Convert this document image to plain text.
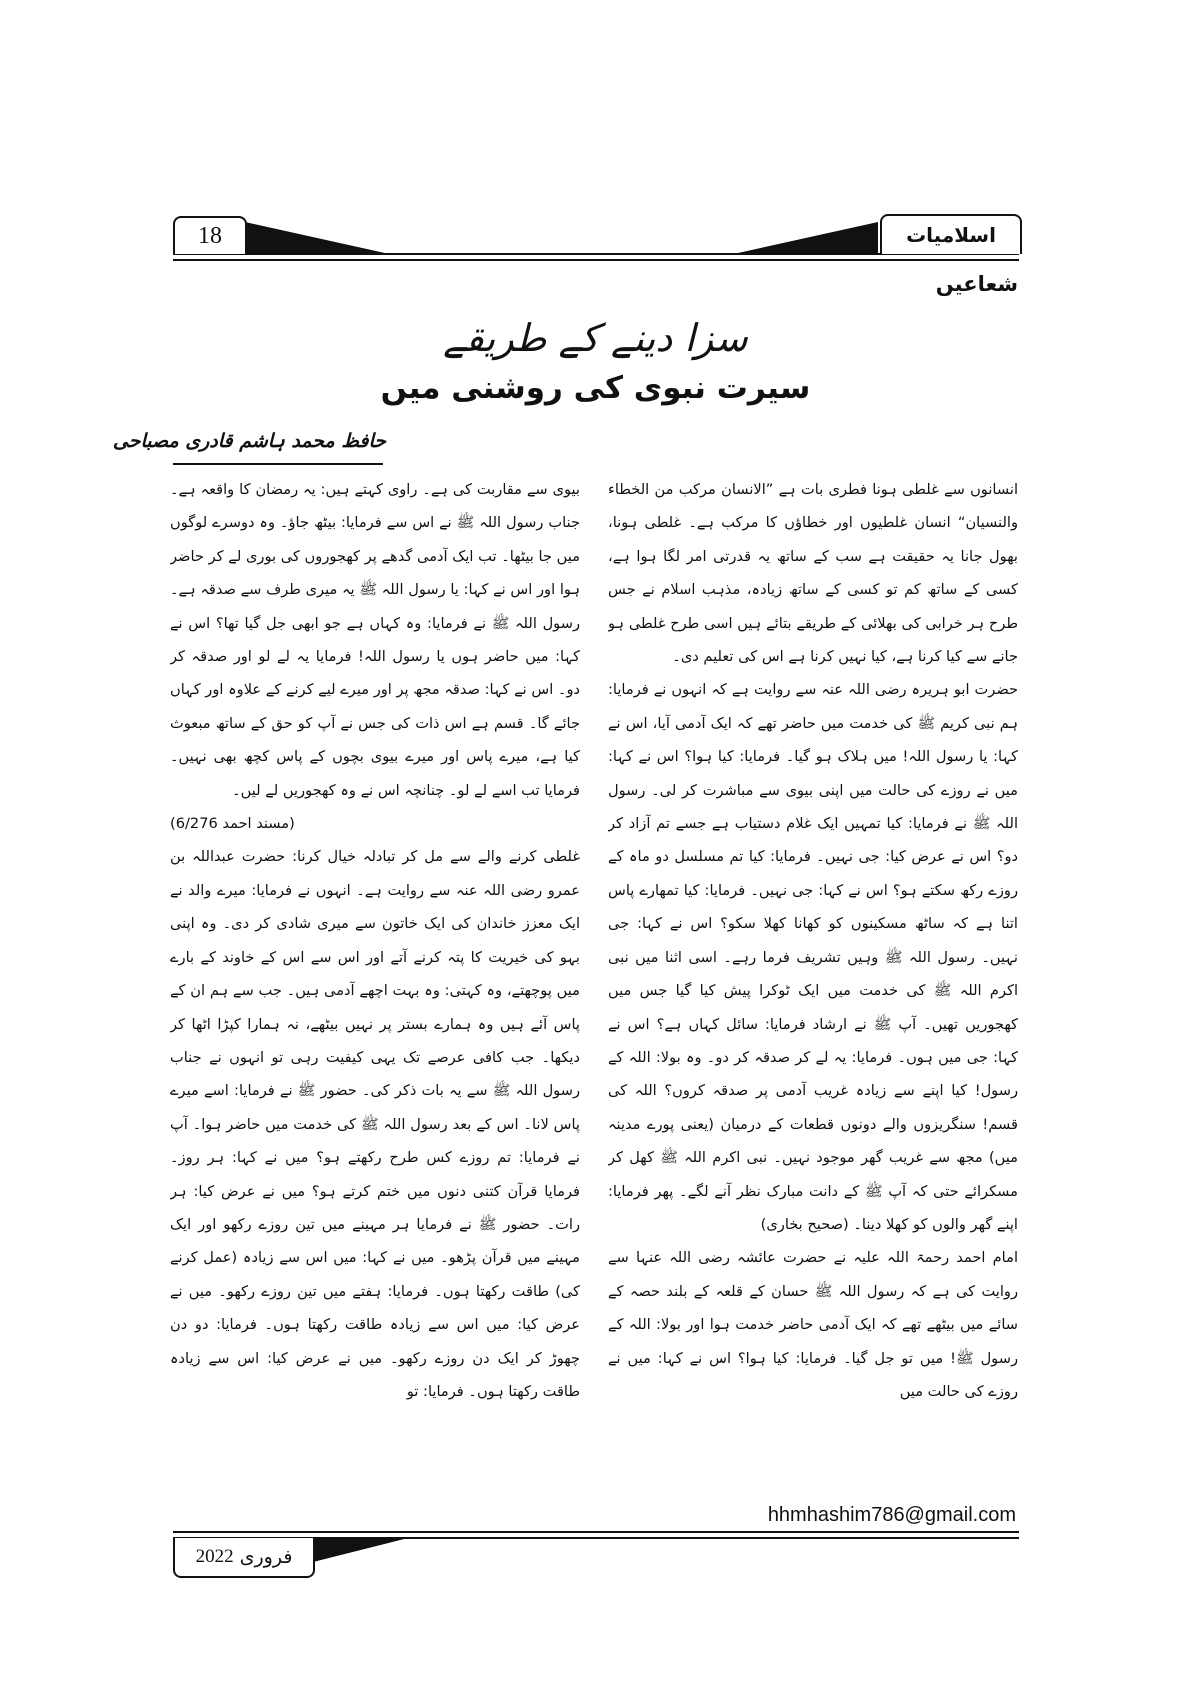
18	اسلامیات
شعاعیں
سزا دینے کے طریقے
سیرت نبوی کی روشنی میں
حافظ محمد ہاشم قادری مصباحی

انسانوں سے غلطی ہونا فطری بات ہے ”الانسان مرکب من الخطاء والنسیان“ انسان غلطیوں اور خطاؤں کا مرکب ہے۔ غلطی ہونا، بھول جانا یہ حقیقت ہے سب کے ساتھ یہ قدرتی امر لگا ہوا ہے، کسی کے ساتھ کم تو کسی کے ساتھ زیادہ، مذہب اسلام نے جس طرح ہر خرابی کی بھلائی کے طریقے بتائے ہیں اسی طرح غلطی ہو جانے سے کیا کرنا ہے، کیا نہیں کرنا ہے اس کی تعلیم دی۔

حضرت ابو ہریرہ رضی اللہ عنہ سے روایت ہے کہ انہوں نے فرمایا: ہم نبی کریم ﷺ کی خدمت میں حاضر تھے کہ ایک آدمی آیا، اس نے کہا: یا رسول اللہ! میں ہلاک ہو گیا۔ فرمایا: کیا ہوا؟ اس نے کہا: میں نے روزے کی حالت میں اپنی بیوی سے مباشرت کر لی۔ رسول اللہ ﷺ نے فرمایا: کیا تمہیں ایک غلام دستیاب ہے جسے تم آزاد کر دو؟ اس نے عرض کیا: جی نہیں۔ فرمایا: کیا تم مسلسل دو ماہ کے روزے رکھ سکتے ہو؟ اس نے کہا: جی نہیں۔ فرمایا: کیا تمھارے پاس اتنا ہے کہ ساٹھ مسکینوں کو کھانا کھلا سکو؟ اس نے کہا: جی نہیں۔ رسول اللہ ﷺ وہیں تشریف فرما رہے۔ اسی اثنا میں نبی اکرم اللہ ﷺ کی خدمت میں ایک ٹوکرا پیش کیا گیا جس میں کھجوریں تھیں۔ آپ ﷺ نے ارشاد فرمایا: سائل کہاں ہے؟ اس نے کہا: جی میں ہوں۔ فرمایا: یہ لے کر صدقہ کر دو۔ وہ بولا: اللہ کے رسول! کیا اپنے سے زیادہ غریب آدمی پر صدقہ کروں؟ اللہ کی قسم! سنگریزوں والے دونوں قطعات کے درمیان (یعنی پورے مدینہ میں) مجھ سے غریب گھر موجود نہیں۔ نبی اکرم اللہ ﷺ کھل کر مسکرائے حتی کہ آپ ﷺ کے دانت مبارک نظر آنے لگے۔ پھر فرمایا: اپنے گھر والوں کو کھلا دینا۔ (صحیح بخاری)

امام احمد رحمۃ اللہ علیہ نے حضرت عائشہ رضی اللہ عنہا سے روایت کی ہے کہ رسول اللہ ﷺ حسان کے قلعہ کے بلند حصہ کے سائے میں بیٹھے تھے کہ ایک آدمی حاضر خدمت ہوا اور بولا: اللہ کے رسول ﷺ! میں تو جل گیا۔ فرمایا: کیا ہوا؟ اس نے کہا: میں نے روزے کی حالت میں

بیوی سے مقاربت کی ہے۔ راوی کہتے ہیں: یہ رمضان کا واقعہ ہے۔ جناب رسول اللہ ﷺ نے اس سے فرمایا: بیٹھ جاؤ۔ وہ دوسرے لوگوں میں جا بیٹھا۔ تب ایک آدمی گدھے پر کھجوروں کی بوری لے کر حاضر ہوا اور اس نے کہا: یا رسول اللہ ﷺ یہ میری طرف سے صدقہ ہے۔ رسول اللہ ﷺ نے فرمایا: وہ کہاں ہے جو ابھی جل گیا تھا؟ اس نے کہا: میں حاضر ہوں یا رسول اللہ! فرمایا یہ لے لو اور صدقہ کر دو۔ اس نے کہا: صدقہ مجھ پر اور میرے لیے کرنے کے علاوہ اور کہاں جائے گا۔ قسم ہے اس ذات کی جس نے آپ کو حق کے ساتھ مبعوث کیا ہے، میرے پاس اور میرے بیوی بچوں کے پاس کچھ بھی نہیں۔ فرمایا تب اسے لے لو۔ چنانچہ اس نے وہ کھجوریں لے لیں۔
(مسند احمد 6/276)

غلطی کرنے والے سے مل کر تبادلہ خیال کرنا: حضرت عبداللہ بن عمرو رضی اللہ عنہ سے روایت ہے۔ انہوں نے فرمایا: میرے والد نے ایک معزز خاندان کی ایک خاتون سے میری شادی کر دی۔ وہ اپنی بہو کی خیریت کا پتہ کرنے آتے اور اس سے اس کے خاوند کے بارے میں پوچھتے، وہ کہتی: وہ بہت اچھے آدمی ہیں۔ جب سے ہم ان کے پاس آئے ہیں وہ ہمارے بستر پر نہیں بیٹھے، نہ ہمارا کپڑا اٹھا کر دیکھا۔ جب کافی عرصے تک یہی کیفیت رہی تو انہوں نے جناب رسول اللہ ﷺ سے یہ بات ذکر کی۔ حضور ﷺ نے فرمایا: اسے میرے پاس لانا۔ اس کے بعد رسول اللہ ﷺ کی خدمت میں حاضر ہوا۔ آپ نے فرمایا: تم روزے کس طرح رکھتے ہو؟ میں نے کہا: ہر روز۔ فرمایا قرآن کتنی دنوں میں ختم کرتے ہو؟ میں نے عرض کیا: ہر رات۔ حضور ﷺ نے فرمایا ہر مہینے میں تین روزے رکھو اور ایک مہینے میں قرآن پڑھو۔ میں نے کہا: میں اس سے زیادہ (عمل کرنے کی) طاقت رکھتا ہوں۔ فرمایا: ہفتے میں تین روزے رکھو۔ میں نے عرض کیا: میں اس سے زیادہ طاقت رکھتا ہوں۔ فرمایا: دو دن چھوڑ کر ایک دن روزے رکھو۔ میں نے عرض کیا: اس سے زیادہ طاقت رکھتا ہوں۔ فرمایا: تو

hhmhashim786@gmail.com
فروری
2022
